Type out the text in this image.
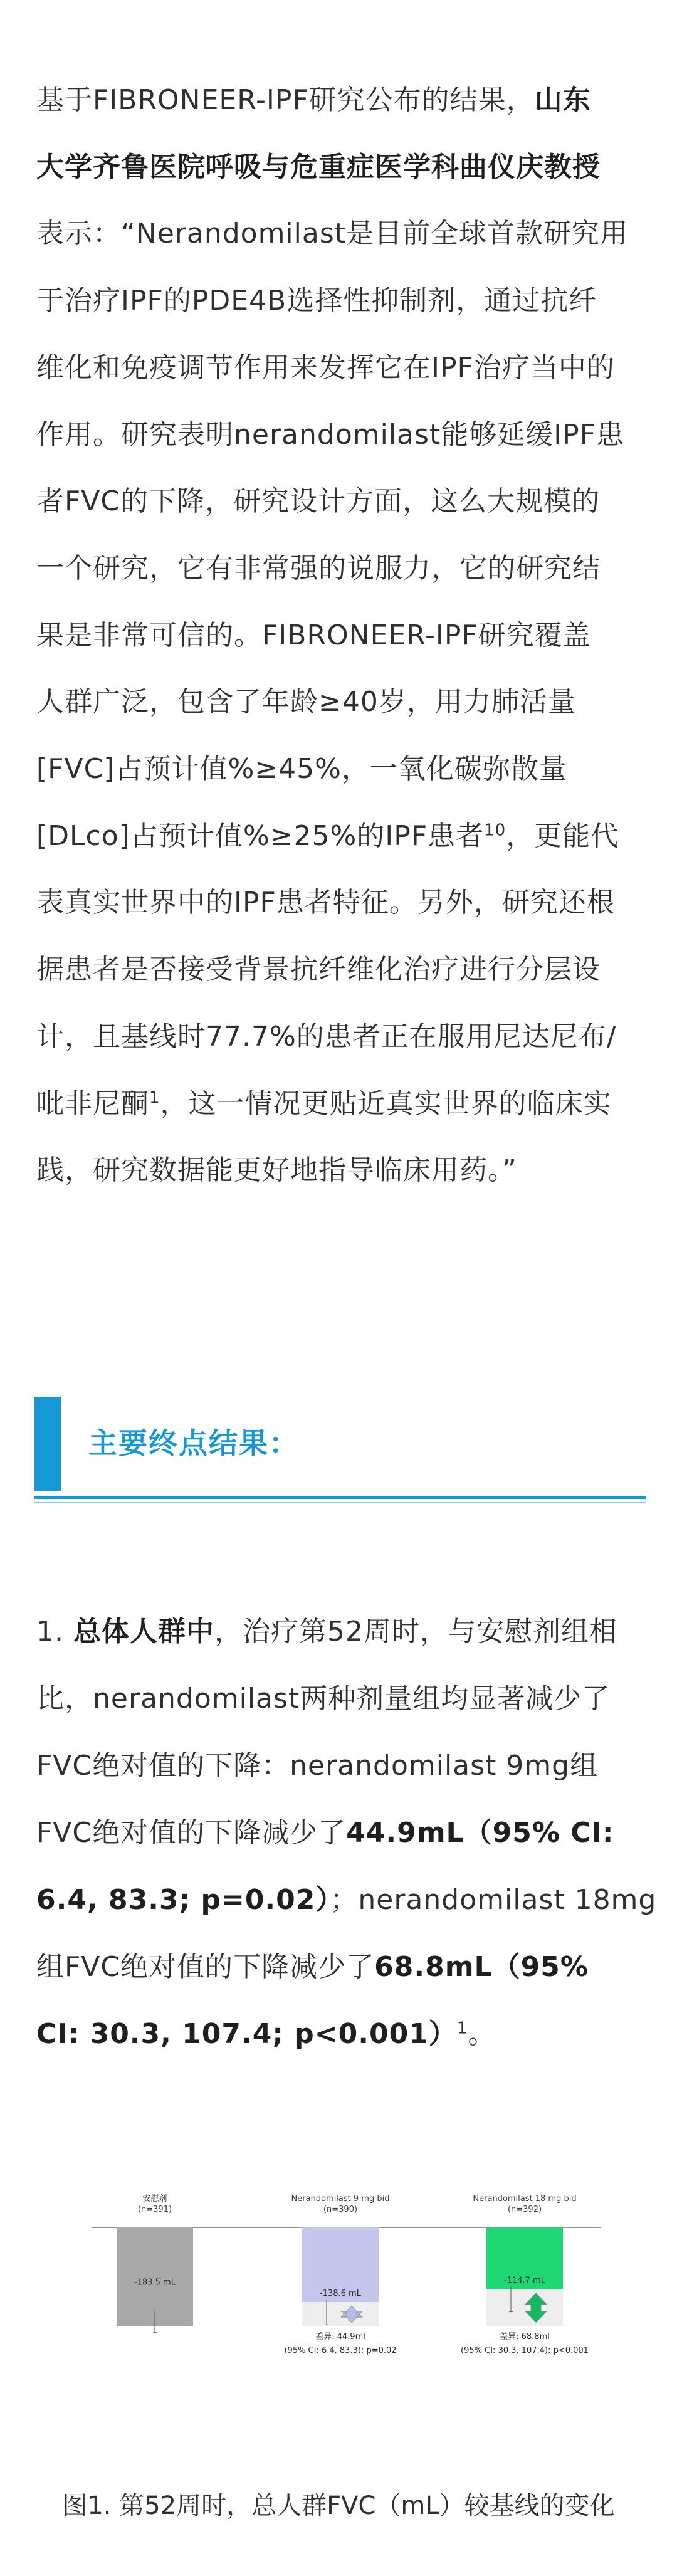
基于FIBRONEER-IPF研究公布的结果，山东
大学齐鲁医院呼吸与危重症医学科曲仪庆教授
表示：“Nerandomilast是目前全球首款研究用
于治疗IPF的PDE4B选择性抑制剂，通过抗纤
维化和免疫调节作用来发挥它在IPF治疗当中的
作用。研究表明nerandomilast能够延缓IPF患
者FVC的下降，研究设计方面，这么大规模的
一个研究，它有非常强的说服力，它的研究结
果是非常可信的。FIBRONEER-IPF研究覆盖
人群广泛，包含了年龄≥40岁，用力肺活量
[FVC]占预计值%≥45%，一氧化碳弥散量
[DLco]占预计值%≥25%的IPF患者$^{10}$，更能代
表真实世界中的IPF患者特征。另外，研究还根
据患者是否接受背景抗纤维化治疗进行分层设
计，且基线时77.7%的患者正在服用尼达尼布/
吡非尼酮$^1$，这一情况更贴近真实世界的临床实
践，研究数据能更好地指导临床用药。”
主要终点结果：
1. 总体人群中，治疗第52周时，与安慰剂组相
比，nerandomilast两种剂量组均显著减少了
FVC绝对值的下降：nerandomilast 9mg组
FVC绝对值的下降减少了44.9mL（95% CI:
6.4, 83.3; p=0.02）；nerandomilast 18mg
组FVC绝对值的下降减少了68.8mL（95%
CI: 30.3, 107.4; p<0.001）$^1$。
安慰剂
(n=391)
-183.5 mL
Nerandomilast 9 mg bid
(n=390)
-138.6 mL
差异: 44.9ml
(95% CI: 6.4, 83.3); p=0.02
Nerandomilast 18 mg bid
(n=392)
-114.7 mL
差异: 68.8ml
(95% CI: 30.3, 107.4); p<0.001
图1. 第52周时，总人群FVC（mL）较基线的变化
